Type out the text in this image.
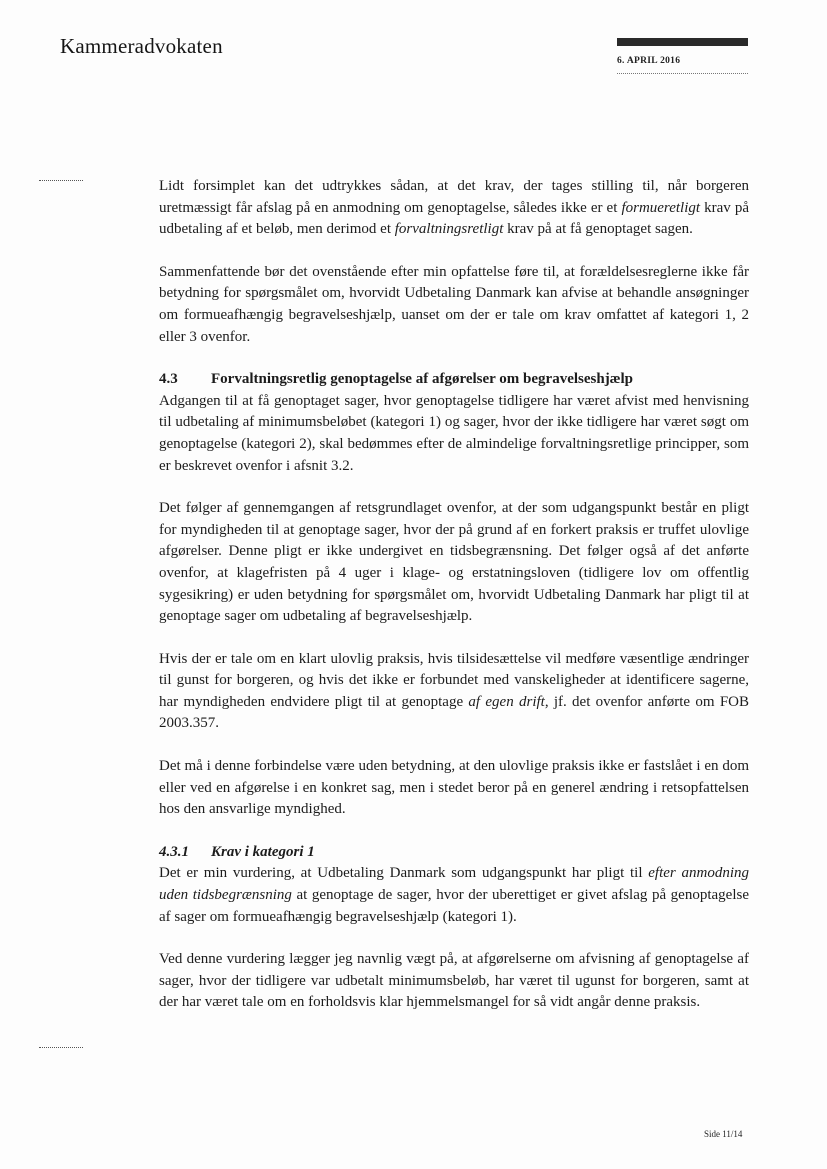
Kammeradvokaten
6. APRIL 2016

Lidt forsimplet kan det udtrykkes sådan, at det krav, der tages stilling til, når borgeren uretmæssigt får afslag på en anmodning om genoptagelse, således ikke er et formueretligt krav på udbetaling af et beløb, men derimod et forvaltningsretligt krav på at få genoptaget sagen.

Sammenfattende bør det ovenstående efter min opfattelse føre til, at forældelsesreglerne ikke får betydning for spørgsmålet om, hvorvidt Udbetaling Danmark kan afvise at behandle ansøgninger om formueafhængig begravelseshjælp, uanset om der er tale om krav omfattet af kategori 1, 2 eller 3 ovenfor.

4.3 Forvaltningsretlig genoptagelse af afgørelser om begravelseshjælp

Adgangen til at få genoptaget sager, hvor genoptagelse tidligere har været afvist med henvisning til udbetaling af minimumsbeløbet (kategori 1) og sager, hvor der ikke tidligere har været søgt om genoptagelse (kategori 2), skal bedømmes efter de almindelige forvaltningsretlige principper, som er beskrevet ovenfor i afsnit 3.2.

Det følger af gennemgangen af retsgrundlaget ovenfor, at der som udgangspunkt består en pligt for myndigheden til at genoptage sager, hvor der på grund af en forkert praksis er truffet ulovlige afgørelser. Denne pligt er ikke undergivet en tidsbegrænsning. Det følger også af det anførte ovenfor, at klagefristen på 4 uger i klage- og erstatningsloven (tidligere lov om offentlig sygesikring) er uden betydning for spørgsmålet om, hvorvidt Udbetaling Danmark har pligt til at genoptage sager om udbetaling af begravelseshjælp.

Hvis der er tale om en klart ulovlig praksis, hvis tilsidesættelse vil medføre væsentlige ændringer til gunst for borgeren, og hvis det ikke er forbundet med vanskeligheder at identificere sagerne, har myndigheden endvidere pligt til at genoptage af egen drift, jf. det ovenfor anførte om FOB 2003.357.

Det må i denne forbindelse være uden betydning, at den ulovlige praksis ikke er fastslået i en dom eller ved en afgørelse i en konkret sag, men i stedet beror på en generel ændring i retsopfattelsen hos den ansvarlige myndighed.

4.3.1 Krav i kategori 1

Det er min vurdering, at Udbetaling Danmark som udgangspunkt har pligt til efter anmodning uden tidsbegrænsning at genoptage de sager, hvor der uberettiget er givet afslag på genoptagelse af sager om formueafhængig begravelseshjælp (kategori 1).

Ved denne vurdering lægger jeg navnlig vægt på, at afgørelserne om afvisning af genoptagelse af sager, hvor der tidligere var udbetalt minimumsbeløb, har været til ugunst for borgeren, samt at der har været tale om en forholdsvis klar hjemmelsmangel for så vidt angår denne praksis.

Side 11/14
